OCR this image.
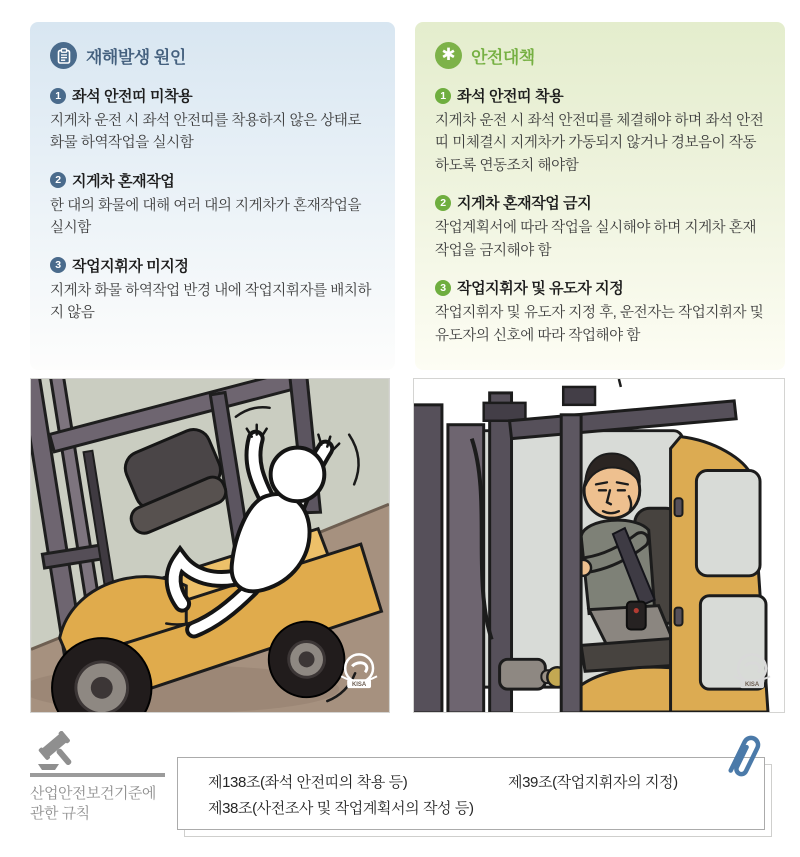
재해발생 원인
1 좌석 안전띠 미착용

지게차 운전 시 좌석 안전띠를 착용하지 않은 상태로 화물 하역작업을 실시함

2 지게차 혼재작업

한 대의 화물에 대해 여러 대의 지게차가 혼재작업을 실시함

3 작업지휘자 미지정

지게차 화물 하역작업 반경 내에 작업지휘자를 배치하지 않음

✱ 안전대책
1 좌석 안전띠 착용

지게차 운전 시 좌석 안전띠를 체결해야 하며 좌석 안전띠 미체결시 지게차가 가동되지 않거나 경보음이 작동하도록 연동조치 해야함

2 지게차 혼재작업 금지

작업계획서에 따라 작업을 실시해야 하며 지게차 혼재작업을 금지해야 함

3 작업지휘자 및 유도자 지정

작업지휘자 및 유도자 지정 후, 운전자는 작업지휘자 및 유도자의 신호에 따라 작업해야 함

KISA	KISA
산업안전보건기준에
관한 규칙
제138조(좌석 안전띠의 착용 등)
제38조(사전조사 및 작업계획서의 작성 등)
제39조(작업지휘자의 지정)
